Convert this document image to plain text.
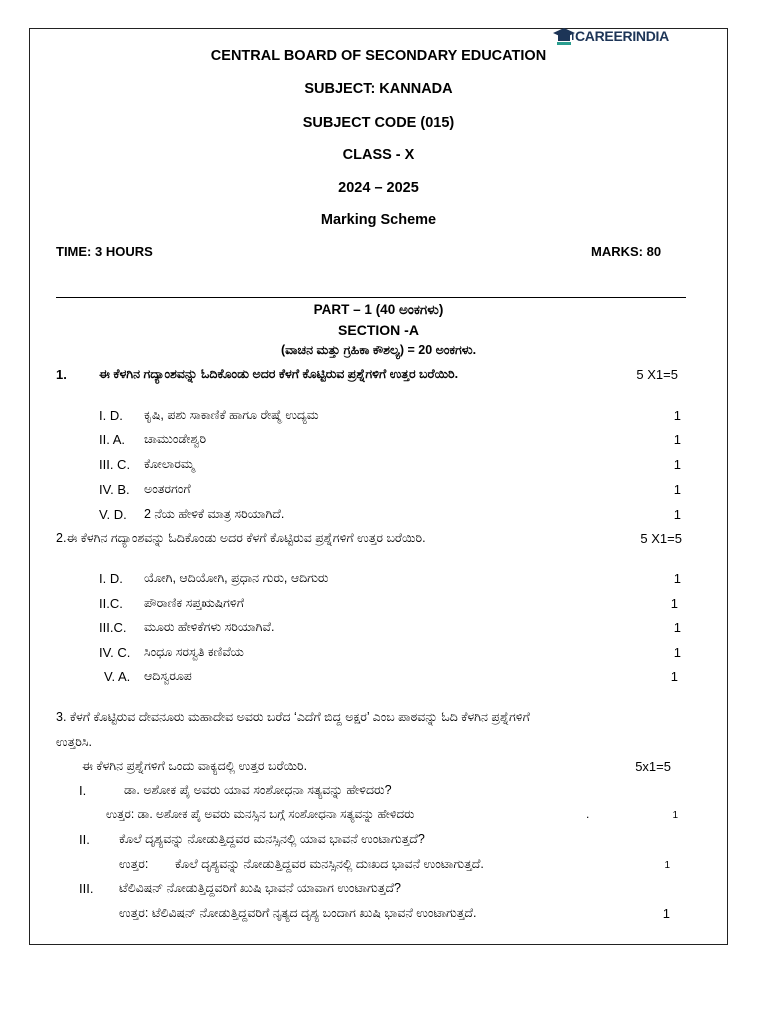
CAREERINDIA
CENTRAL BOARD OF SECONDARY EDUCATION
SUBJECT: KANNADA
SUBJECT CODE (015)
CLASS - X
2024 – 2025
Marking Scheme
TIME: 3 HOURS	MARKS: 80
PART – 1 (40 ಅಂಕಗಳು)
SECTION -A
(ವಾಚನ ಮತ್ತು ಗ್ರಹಿಕಾ ಕೌಶಲ್ಯ) = 20 ಅಂಕಗಳು.
1.	ಈ ಕೆಳಗಿನ ಗದ್ಯಾಂಶವನ್ನು ಓದಿಕೊಂಡು ಅದರ ಕೆಳಗೆ ಕೊಟ್ಟಿರುವ ಪ್ರಶ್ನೆಗಳಿಗೆ ಉತ್ತರ ಬರೆಯಿರಿ.	5 X1=5
I. D. ಕೃಷಿ, ಪಶು ಸಾಕಾಣಿಕೆ ಹಾಗೂ ರೇಷ್ಮೆ ಉದ್ಯಮ	1
II. A. ಚಾಮುಂಡೇಶ್ವರಿ	1
III. C. ಕೋಲಾರಮ್ಮ	1
IV. B. ಅಂತರಗಂಗೆ	1
V. D. 2 ನೆಯ ಹೇಳಿಕೆ ಮಾತ್ರ ಸರಿಯಾಗಿದೆ.	1
2.ಈ ಕೆಳಗಿನ ಗದ್ಯಾಂಶವನ್ನು ಓದಿಕೊಂಡು ಅದರ ಕೆಳಗೆ ಕೊಟ್ಟಿರುವ ಪ್ರಶ್ನೆಗಳಿಗೆ ಉತ್ತರ ಬರೆಯಿರಿ.	5 X1=5
I. D. ಯೋಗಿ, ಆದಿಯೋಗಿ, ಪ್ರಧಾನ ಗುರು, ಆದಿಗುರು	1
II.C. ಪೌರಾಣಿಕ ಸಪ್ತಋಷಿಗಳಿಗೆ	1
III.C. ಮೂರು ಹೇಳಿಕೆಗಳು ಸರಿಯಾಗಿವೆ.	1
IV. C. ಸಿಂಧೂ ಸರಸ್ವತಿ ಕಣಿವೆಯ	1
V. A. ಆದಿಸ್ವರೂಪ	1
3. ಕೆಳಗೆ ಕೊಟ್ಟಿರುವ ದೇವನೂರು ಮಹಾದೇವ ಅವರು ಬರೆದ ‘ಎದೆಗೆ ಬಿದ್ದ ಅಕ್ಷರ’ ಎಂಬ ಪಾಠವನ್ನು ಓದಿ ಕೆಳಗಿನ ಪ್ರಶ್ನೆಗಳಿಗೆ
ಉತ್ತರಿಸಿ.
ಈ ಕೆಳಗಿನ ಪ್ರಶ್ನೆಗಳಿಗೆ ಒಂದು ವಾಕ್ಯದಲ್ಲಿ ಉತ್ತರ ಬರೆಯಿರಿ.	5x1=5
I.	ಡಾ. ಅಶೋಕ ಪೈ ಅವರು ಯಾವ ಸಂಶೋಧನಾ ಸತ್ಯವನ್ನು ಹೇಳಿದರು?
ಉತ್ತರ: ಡಾ. ಅಶೋಕ ಪೈ ಅವರು ಮನಸ್ಸಿನ ಬಗ್ಗೆ ಸಂಶೋಧನಾ ಸತ್ಯವನ್ನು ಹೇಳಿದರು	.	1
II. ಕೊಲೆ ದೃಶ್ಯವನ್ನು ನೋಡುತ್ತಿದ್ದವರ ಮನಸ್ಸಿನಲ್ಲಿ ಯಾವ ಭಾವನೆ ಉಂಟಾಗುತ್ತದೆ?
ಉತ್ತರ: ಕೊಲೆ ದೃಶ್ಯವನ್ನು ನೋಡುತ್ತಿದ್ದವರ ಮನಸ್ಸಿನಲ್ಲಿ ದುಃಖದ ಭಾವನೆ ಉಂಟಾಗುತ್ತದೆ.	1
III. ಟೆಲಿವಿಷನ್ ನೋಡುತ್ತಿದ್ದವರಿಗೆ ಖುಷಿ ಭಾವನೆ ಯಾವಾಗ ಉಂಟಾಗುತ್ತದೆ?
ಉತ್ತರ: ಟೆಲಿವಿಷನ್ ನೋಡುತ್ತಿದ್ದವರಿಗೆ ನೃತ್ಯದ ದೃಶ್ಯ ಬಂದಾಗ ಖುಷಿ ಭಾವನೆ ಉಂಟಾಗುತ್ತದೆ.	1
